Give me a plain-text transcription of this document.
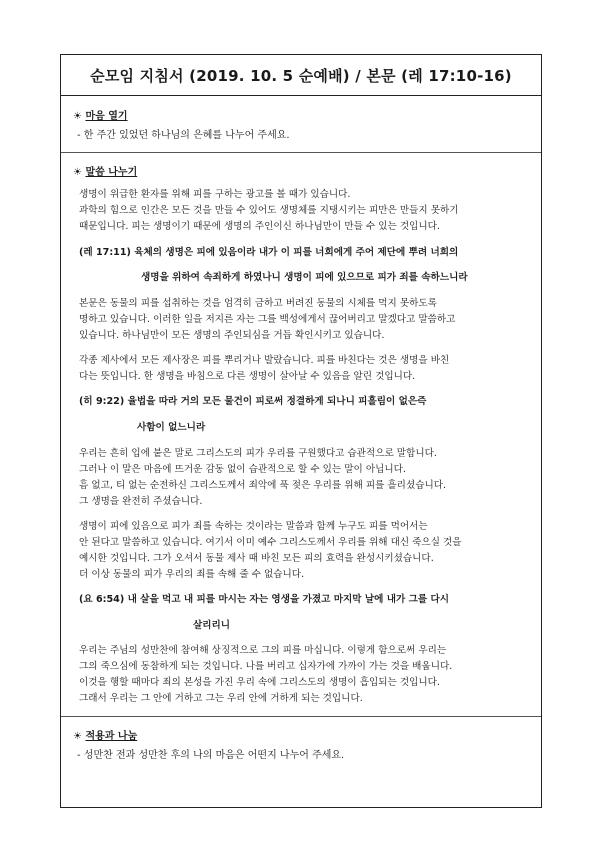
순모임 지침서 (2019. 10. 5 순예배) / 본문 (레 17:10-16)
☀ 마음 열기
- 한 주간 있었던 하나님의 은혜를 나누어 주세요.
☀ 말씀 나누기

생명이 위급한 환자를 위해 피를 구하는 광고를 볼 때가 있습니다.

과학의 힘으로 인간은 모든 것을 만들 수 있어도 생명체를 지탱시키는 피만은 만들지 못하기

때문입니다. 피는 생명이기 때문에 생명의 주인이신 하나님만이 만들 수 있는 것입니다.

(레 17:11) 육체의 생명은 피에 있음이라 내가 이 피를 너희에게 주어 제단에 뿌려 너희의

생명을 위하여 속죄하게 하였나니 생명이 피에 있으므로 피가 죄를 속하느니라

본문은 동물의 피를 섭취하는 것을 엄격히 금하고 버려진 동물의 시체를 먹지 못하도록

명하고 있습니다. 이러한 일을 저지른 자는 그를 백성에게서 끊어버리고 말겠다고 말씀하고

있습니다. 하나님만이 모든 생명의 주인되심을 거듭 확인시키고 있습니다.

각종 제사에서 모든 제사장은 피를 뿌리거나 발랐습니다. 피를 바친다는 것은 생명을 바친

다는 뜻입니다. 한 생명을 바침으로 다른 생명이 살아날 수 있음을 알린 것입니다.

(히 9:22) 율법을 따라 거의 모든 물건이 피로써 정결하게 되나니 피흘림이 없은즉

사함이 없느니라

우리는 흔히 입에 붙은 말로 그리스도의 피가 우리를 구원했다고 습관적으로 말합니다.

그러나 이 말은 마음에 뜨거운 감동 없이 습관적으로 할 수 있는 말이 아닙니다.

흠 없고, 티 없는 순전하신 그리스도께서 죄악에 푹 젖은 우리를 위해 피를 흘리셨습니다.

그 생명을 완전히 주셨습니다.

생명이 피에 있음으로 피가 죄를 속하는 것이라는 말씀과 함께 누구도 피를 먹어서는

안 된다고 말씀하고 있습니다. 여기서 이미 예수 그리스도께서 우리를 위해 대신 죽으실 것을

예시한 것입니다. 그가 오셔서 동물 제사 때 바친 모든 피의 효력을 완성시키셨습니다.

더 이상 동물의 피가 우리의 죄를 속해 줄 수 없습니다.

(요 6:54) 내 살을 먹고 내 피를 마시는 자는 영생을 가졌고 마지막 날에 내가 그를 다시

살리리니

우리는 주님의 성만찬에 참여해 상징적으로 그의 피를 마십니다. 이렇게 함으로써 우리는

그의 죽으심에 동참하게 되는 것입니다. 나를 버리고 십자가에 가까이 가는 것을 배웁니다.

이것을 행할 때마다 죄의 본성을 가진 우리 속에 그리스도의 생명이 흡입되는 것입니다.

그래서 우리는 그 안에 거하고 그는 우리 안에 거하게 되는 것입니다.

☀ 적용과 나눔
- 성만찬 전과 성만찬 후의 나의 마음은 어떤지 나누어 주세요.
